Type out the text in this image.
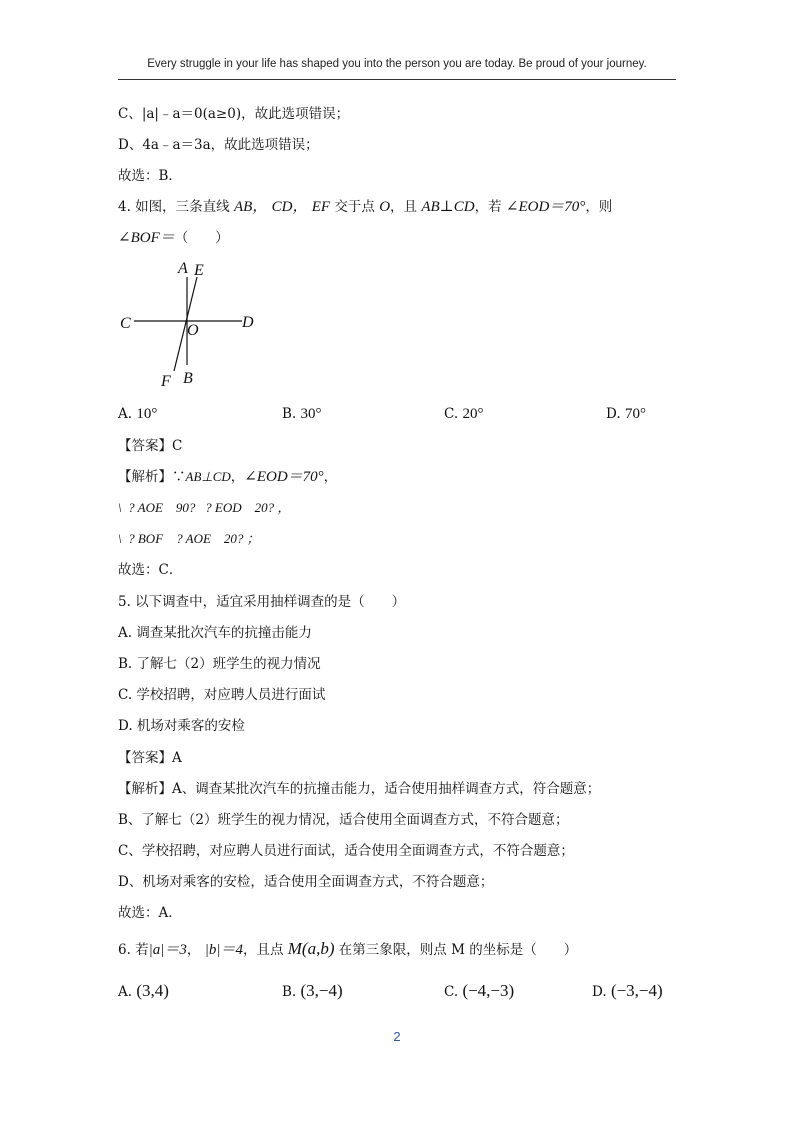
Every struggle in your life has shaped you into the person you are today. Be proud of your journey.
C、|a|﹣a＝0(a≥0)，故此选项错误；
D、4a﹣a＝3a，故此选项错误；
故选：B．
4. 如图，三条直线 AB， CD， EF 交于点 O，且 AB⊥CD，若 ∠EOD＝70°，则
∠BOF＝（　　）
A E
C	O	D
B
F
A. 10°	B. 30°	C. 20°	D. 70°
【答案】C
【解析】∵AB⊥CD，∠EOD＝70°，
\  ? AOE    90?   ? EOD    20? ，
\  ? BOF    ? AOE    20? ；
故选：C．
5. 以下调查中，适宜采用抽样调查的是（　　）
A. 调查某批次汽车的抗撞击能力
B. 了解七（2）班学生的视力情况
C. 学校招聘，对应聘人员进行面试
D. 机场对乘客的安检
【答案】A
【解析】A、调查某批次汽车的抗撞击能力，适合使用抽样调查方式，符合题意；
B、了解七（2）班学生的视力情况，适合使用全面调查方式，不符合题意；
C、学校招聘，对应聘人员进行面试，适合使用全面调查方式，不符合题意；
D、机场对乘客的安检，适合使用全面调查方式，不符合题意；
故选：A．
6. 若|a|＝3， |b|＝4，且点 M(a,b) 在第三象限，则点 M 的坐标是（　　）
A. (3,4)	B. (3,−4)	C. (−4,−3)	D. (−3,−4)
2
